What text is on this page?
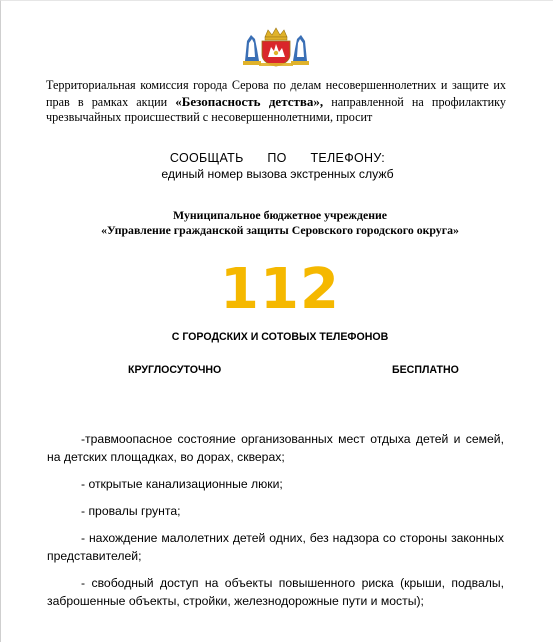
Территориальная комиссия города Серова по делам несовершеннолетних и защите их прав в рамках акции «Безопасность детства», направленной на профилактику чрезвычайных происшествий с несовершеннолетними, просит
СООБЩАТЬ ПО ТЕЛЕФОНУ:
единый номер вызова экстренных служб
Муниципальное бюджетное учреждение
«Управление гражданской защиты Серовского городского округа»
112
С ГОРОДСКИХ И СОТОВЫХ ТЕЛЕФОНОВ
КРУГЛОСУТОЧНО	БЕСПЛАТНО
-травмоопасное состояние организованных мест отдыха детей и семей, на детских площадках, во дорах, скверах;
- открытые канализационные люки;
- провалы грунта;
- нахождение малолетних детей одних, без надзора со стороны законных представителей;
- свободный доступ на объекты повышенного риска (крыши, подвалы, заброшенные объекты, стройки, железнодорожные пути и мосты);
